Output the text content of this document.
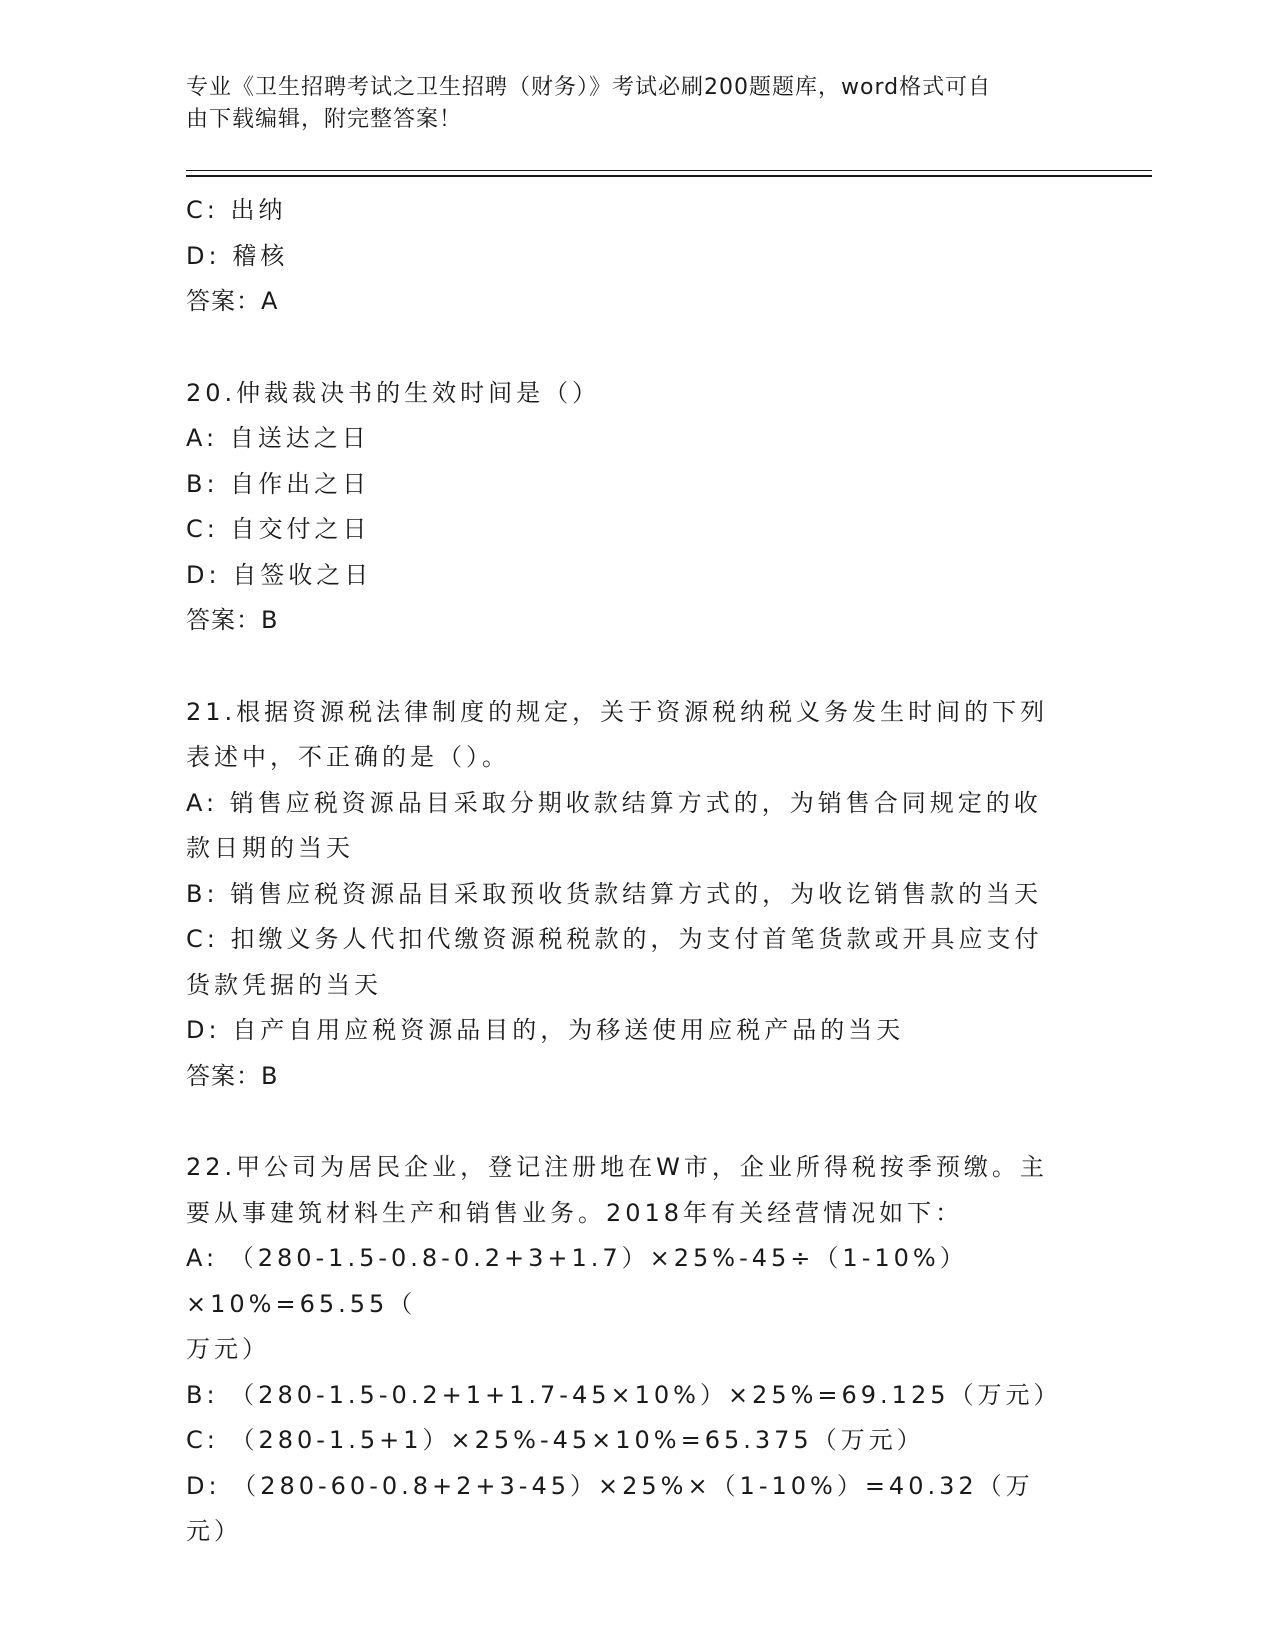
专业《卫生招聘考试之卫生招聘（财务）》考试必刷200题题库，word格式可自
由下载编辑，附完整答案！
C: 出纳
D: 稽核
答案：A
20.仲裁裁决书的生效时间是（）
A: 自送达之日
B: 自作出之日
C: 自交付之日
D: 自签收之日
答案：B
21.根据资源税法律制度的规定，关于资源税纳税义务发生时间的下列
表述中，不正确的是（）。
A: 销售应税资源品目采取分期收款结算方式的，为销售合同规定的收
款日期的当天
B: 销售应税资源品目采取预收货款结算方式的，为收讫销售款的当天
C: 扣缴义务人代扣代缴资源税税款的，为支付首笔货款或开具应支付
货款凭据的当天
D: 自产自用应税资源品目的，为移送使用应税产品的当天
答案：B
22.甲公司为居民企业，登记注册地在W市，企业所得税按季预缴。主
要从事建筑材料生产和销售业务。2018年有关经营情况如下：
A: （280-1.5-0.8-0.2+3+1.7）×25%-45÷（1-10%）×10%=65.55（
万元）
B: （280-1.5-0.2+1+1.7-45×10%）×25%=69.125（万元）
C: （280-1.5+1）×25%-45×10%=65.375（万元）
D: （280-60-0.8+2+3-45）×25%×（1-10%）=40.32（万元）
